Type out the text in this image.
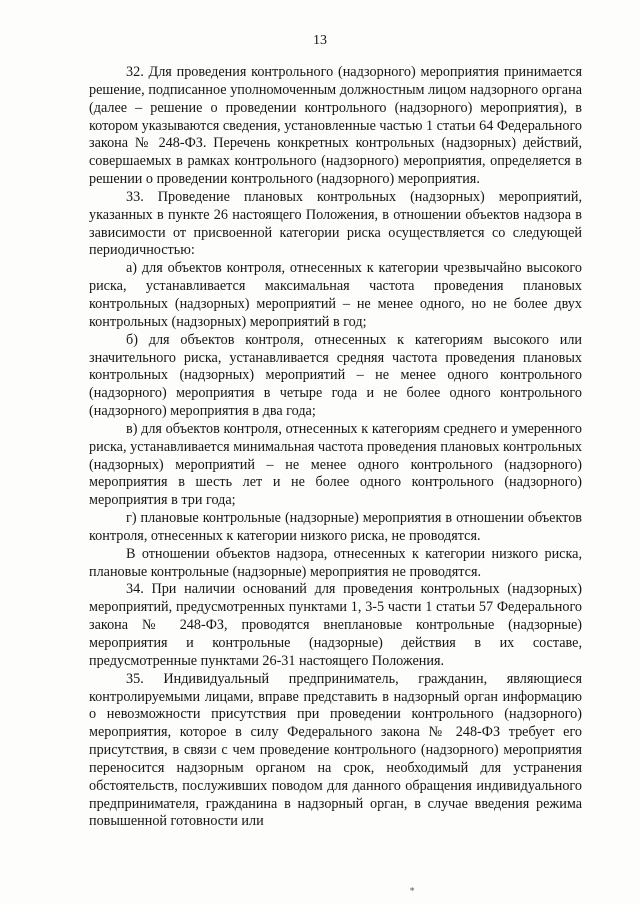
13

32. Для проведения контрольного (надзорного) мероприятия принимается решение, подписанное уполномоченным должностным лицом надзорного органа (далее – решение о проведении контрольного (надзорного) мероприятия), в котором указываются сведения, установленные частью 1 статьи 64 Федерального закона № 248-ФЗ. Перечень конкретных контрольных (надзорных) действий, совершаемых в рамках контрольного (надзорного) мероприятия, определяется в решении о проведении контрольного (надзорного) мероприятия.

33. Проведение плановых контрольных (надзорных) мероприятий, указанных в пункте 26 настоящего Положения, в отношении объектов надзора в зависимости от присвоенной категории риска осуществляется со следующей периодичностью:

а) для объектов контроля, отнесенных к категории чрезвычайно высокого риска, устанавливается максимальная частота проведения плановых контрольных (надзорных) мероприятий – не менее одного, но не более двух контрольных (надзорных) мероприятий в год;

б) для объектов контроля, отнесенных к категориям высокого или значительного риска, устанавливается средняя частота проведения плановых контрольных (надзорных) мероприятий – не менее одного контрольного (надзорного) мероприятия в четыре года и не более одного контрольного (надзорного) мероприятия в два года;

в) для объектов контроля, отнесенных к категориям среднего и умеренного риска, устанавливается минимальная частота проведения плановых контрольных (надзорных) мероприятий – не менее одного контрольного (надзорного) мероприятия в шесть лет и не более одного контрольного (надзорного) мероприятия в три года;

г) плановые контрольные (надзорные) мероприятия в отношении объектов контроля, отнесенных к категории низкого риска, не проводятся.

В отношении объектов надзора, отнесенных к категории низкого риска, плановые контрольные (надзорные) мероприятия не проводятся.

34. При наличии оснований для проведения контрольных (надзорных) мероприятий, предусмотренных пунктами 1, 3-5 части 1 статьи 57 Федерального закона № 248-ФЗ, проводятся внеплановые контрольные (надзорные) мероприятия и контрольные (надзорные) действия в их составе, предусмотренные пунктами 26-31 настоящего Положения.

35. Индивидуальный предприниматель, гражданин, являющиеся контролируемыми лицами, вправе представить в надзорный орган информацию о невозможности присутствия при проведении контрольного (надзорного) мероприятия, которое в силу Федерального закона № 248-ФЗ требует его присутствия, в связи с чем проведение контрольного (надзорного) мероприятия переносится надзорным органом на срок, необходимый для устранения обстоятельств, послуживших поводом для данного обращения индивидуального предпринимателя, гражданина в надзорный орган, в случае введения режима повышенной готовности или

∗
